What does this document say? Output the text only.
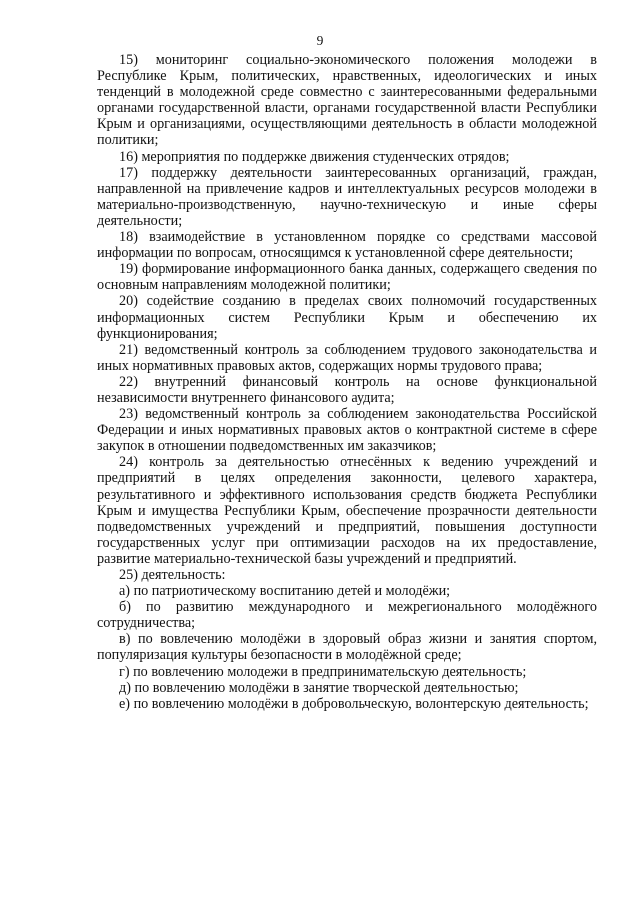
9

15) мониторинг социально-экономического положения молодежи в Республике Крым, политических, нравственных, идеологических и иных тенденций в молодежной среде совместно с заинтересованными федеральными органами государственной власти, органами государственной власти Республики Крым и организациями, осуществляющими деятельность в области молодежной политики;

16) мероприятия по поддержке движения студенческих отрядов;

17) поддержку деятельности заинтересованных организаций, граждан, направленной на привлечение кадров и интеллектуальных ресурсов молодежи в материально-производственную, научно-техническую и иные сферы деятельности;

18) взаимодействие в установленном порядке со средствами массовой информации по вопросам, относящимся к установленной сфере деятельности;

19) формирование информационного банка данных, содержащего сведения по основным направлениям молодежной политики;

20) содействие созданию в пределах своих полномочий государственных информационных систем Республики Крым и обеспечению их функционирования;

21) ведомственный контроль за соблюдением трудового законодательства и иных нормативных правовых актов, содержащих нормы трудового права;

22) внутренний финансовый контроль на основе функциональной независимости внутреннего финансового аудита;

23) ведомственный контроль за соблюдением законодательства Российской Федерации и иных нормативных правовых актов о контрактной системе в сфере закупок в отношении подведомственных им заказчиков;

24) контроль за деятельностью отнесённых к ведению учреждений и предприятий в целях определения законности, целевого характера, результативного и эффективного использования средств бюджета Республики Крым и имущества Республики Крым, обеспечение прозрачности деятельности подведомственных учреждений и предприятий, повышения доступности государственных услуг при оптимизации расходов на их предоставление, развитие материально-технической базы учреждений и предприятий.

25) деятельность:

а) по патриотическому воспитанию детей и молодёжи;

б) по развитию международного и межрегионального молодёжного сотрудничества;

в) по вовлечению молодёжи в здоровый образ жизни и занятия спортом, популяризация культуры безопасности в молодёжной среде;

г) по вовлечению молодежи в предпринимательскую деятельность;

д) по вовлечению молодёжи в занятие творческой деятельностью;

е) по вовлечению молодёжи в добровольческую, волонтерскую деятельность;
